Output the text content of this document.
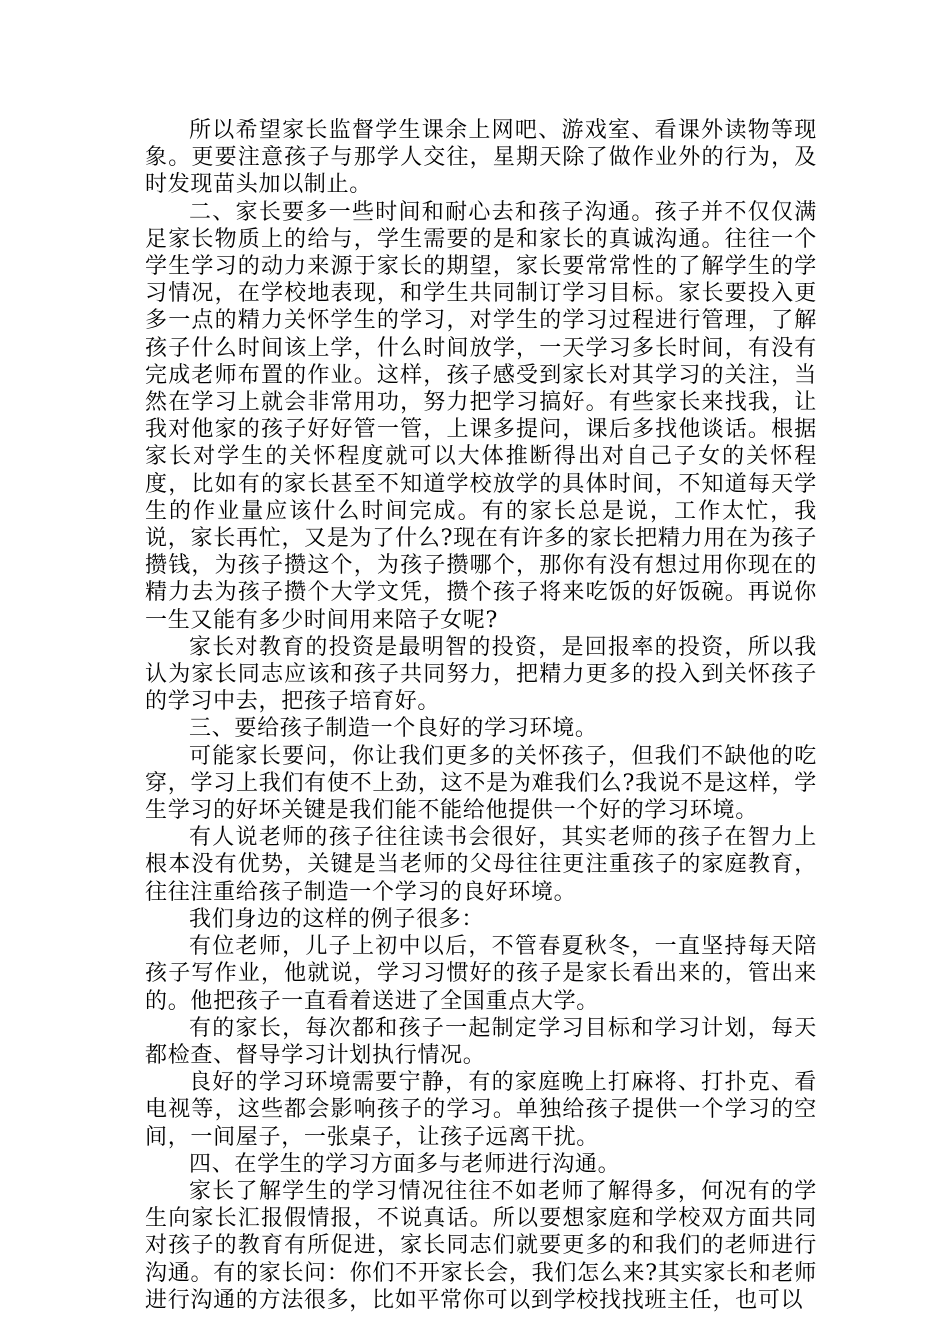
所以希望家长监督学生课余上网吧、游戏室、看课外读物等现象。更要注意孩子与那学人交往，星期天除了做作业外的行为，及时发现苗头加以制止。

二、家长要多一些时间和耐心去和孩子沟通。孩子并不仅仅满足家长物质上的给与，学生需要的是和家长的真诚沟通。往往一个学生学习的动力来源于家长的期望，家长要常常性的了解学生的学习情况，在学校地表现，和学生共同制订学习目标。家长要投入更多一点的精力关怀学生的学习，对学生的学习过程进行管理，了解孩子什么时间该上学，什么时间放学，一天学习多长时间，有没有完成老师布置的作业。这样，孩子感受到家长对其学习的关注，当然在学习上就会非常用功，努力把学习搞好。有些家长来找我，让我对他家的孩子好好管一管，上课多提问，课后多找他谈话。根据家长对学生的关怀程度就可以大体推断得出对自己子女的关怀程度，比如有的家长甚至不知道学校放学的具体时间，不知道每天学生的作业量应该什么时间完成。有的家长总是说，工作太忙，我说，家长再忙，又是为了什么?现在有许多的家长把精力用在为孩子攒钱，为孩子攒这个，为孩子攒哪个，那你有没有想过用你现在的精力去为孩子攒个大学文凭，攒个孩子将来吃饭的好饭碗。再说你一生又能有多少时间用来陪子女呢?

家长对教育的投资是最明智的投资，是回报率的投资，所以我认为家长同志应该和孩子共同努力，把精力更多的投入到关怀孩子的学习中去，把孩子培育好。

三、要给孩子制造一个良好的学习环境。

可能家长要问，你让我们更多的关怀孩子，但我们不缺他的吃穿，学习上我们有使不上劲，这不是为难我们么?我说不是这样，学生学习的好坏关键是我们能不能给他提供一个好的学习环境。

有人说老师的孩子往往读书会很好，其实老师的孩子在智力上根本没有优势，关键是当老师的父母往往更注重孩子的家庭教育，往往注重给孩子制造一个学习的良好环境。

我们身边的这样的例子很多：

有位老师，儿子上初中以后，不管春夏秋冬，一直坚持每天陪孩子写作业，他就说，学习习惯好的孩子是家长看出来的，管出来的。他把孩子一直看着送进了全国重点大学。

有的家长，每次都和孩子一起制定学习目标和学习计划，每天都检查、督导学习计划执行情况。

良好的学习环境需要宁静，有的家庭晚上打麻将、打扑克、看电视等，这些都会影响孩子的学习。单独给孩子提供一个学习的空间，一间屋子，一张桌子，让孩子远离干扰。

四、在学生的学习方面多与老师进行沟通。

家长了解学生的学习情况往往不如老师了解得多，何况有的学生向家长汇报假情报，不说真话。所以要想家庭和学校双方面共同对孩子的教育有所促进，家长同志们就要更多的和我们的老师进行沟通。有的家长问：你们不开家长会，我们怎么来?其实家长和老师进行沟通的方法很多，比如平常你可以到学校找找班主任，也可以
